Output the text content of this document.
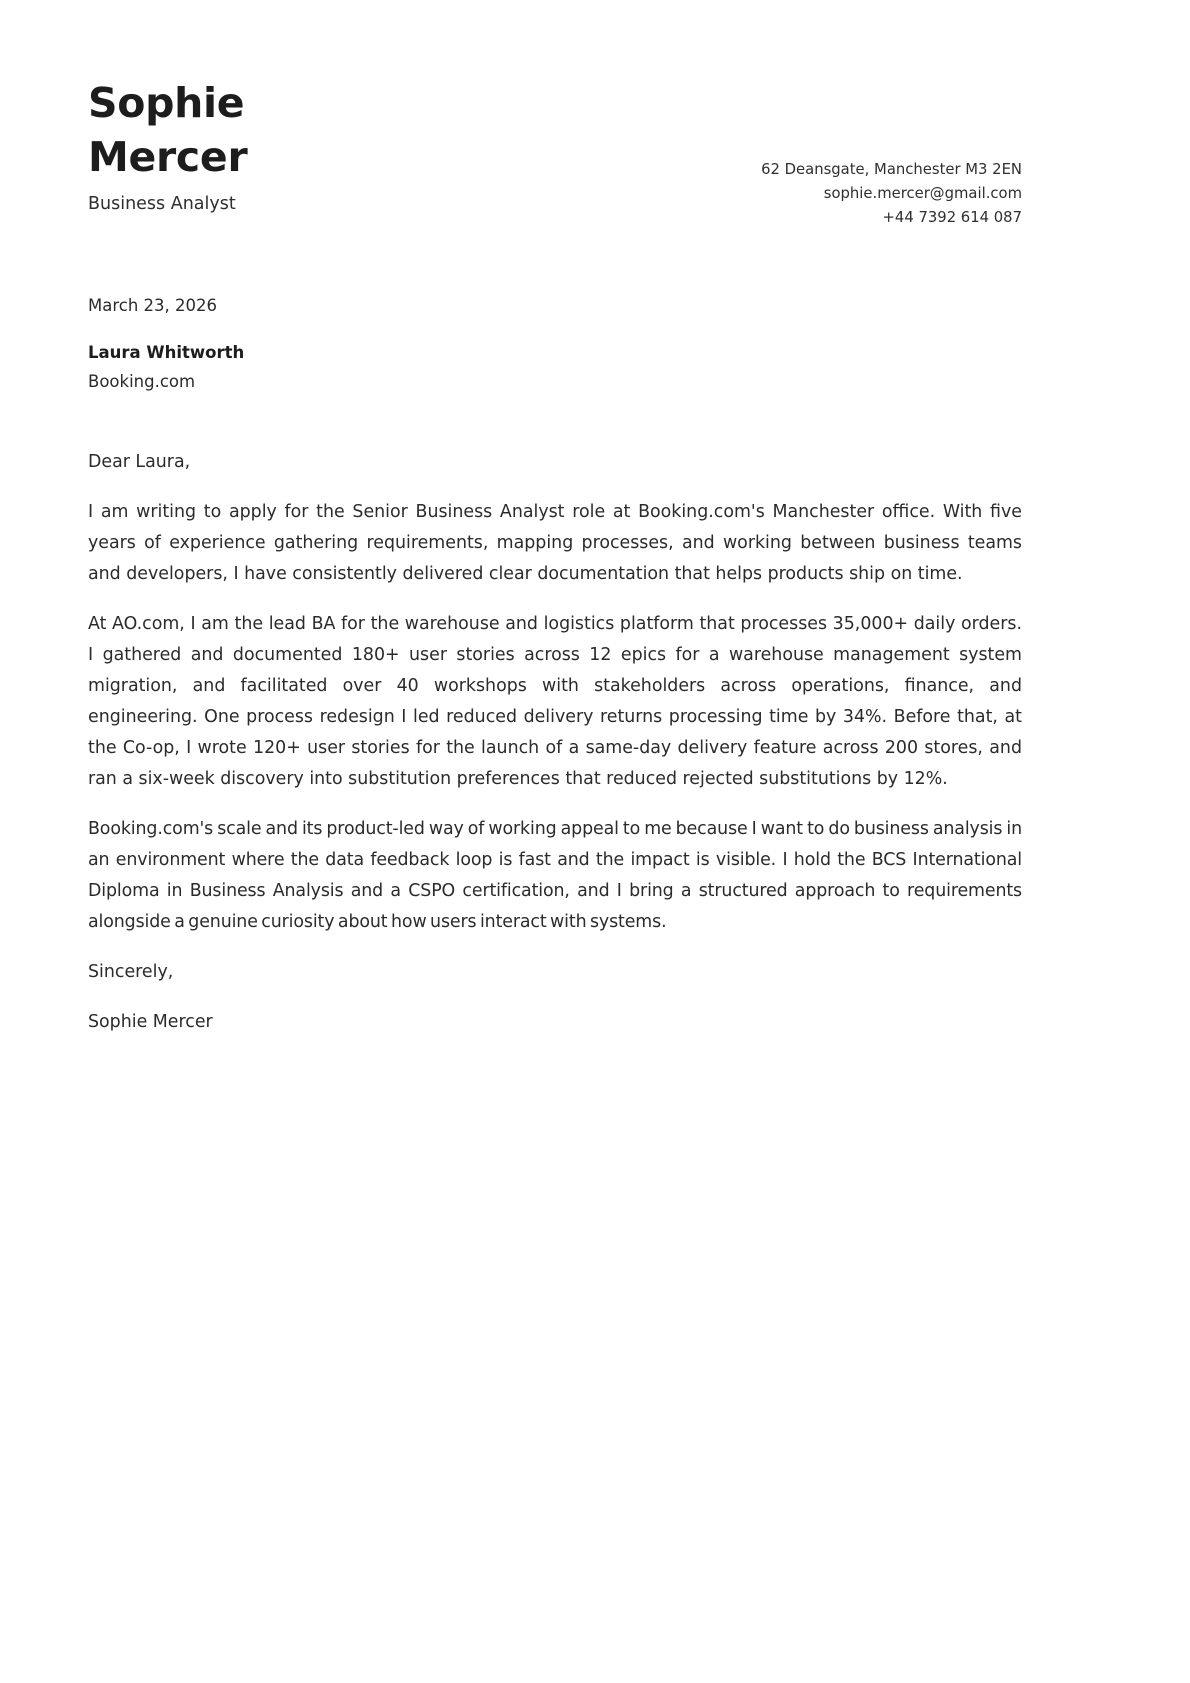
Sophie
Mercer

Business Analyst

62 Deansgate, Manchester M3 2EN
sophie.mercer@gmail.com
+44 7392 614 087
March 23, 2026
Laura Whitworth
Booking.com

Dear Laura,

I am writing to apply for the Senior Business Analyst role at Booking.com's Manchester office. With five years of experience gathering requirements, mapping processes, and working between business teams and developers, I have consistently delivered clear documentation that helps products ship on time.

At AO.com, I am the lead BA for the warehouse and logistics platform that processes 35,000+ daily orders. I gathered and documented 180+ user stories across 12 epics for a warehouse management system migration, and facilitated over 40 workshops with stakeholders across operations, finance, and engineering. One process redesign I led reduced delivery returns processing time by 34%. Before that, at the Co-op, I wrote 120+ user stories for the launch of a same-day delivery feature across 200 stores, and ran a six-week discovery into substitution preferences that reduced rejected substitutions by 12%.

Booking.com's scale and its product-led way of working appeal to me because I want to do business analysis in an environment where the data feedback loop is fast and the impact is visible. I hold the BCS International Diploma in Business Analysis and a CSPO certification, and I bring a structured approach to requirements alongside a genuine curiosity about how users interact with systems.

Sincerely,

Sophie Mercer
